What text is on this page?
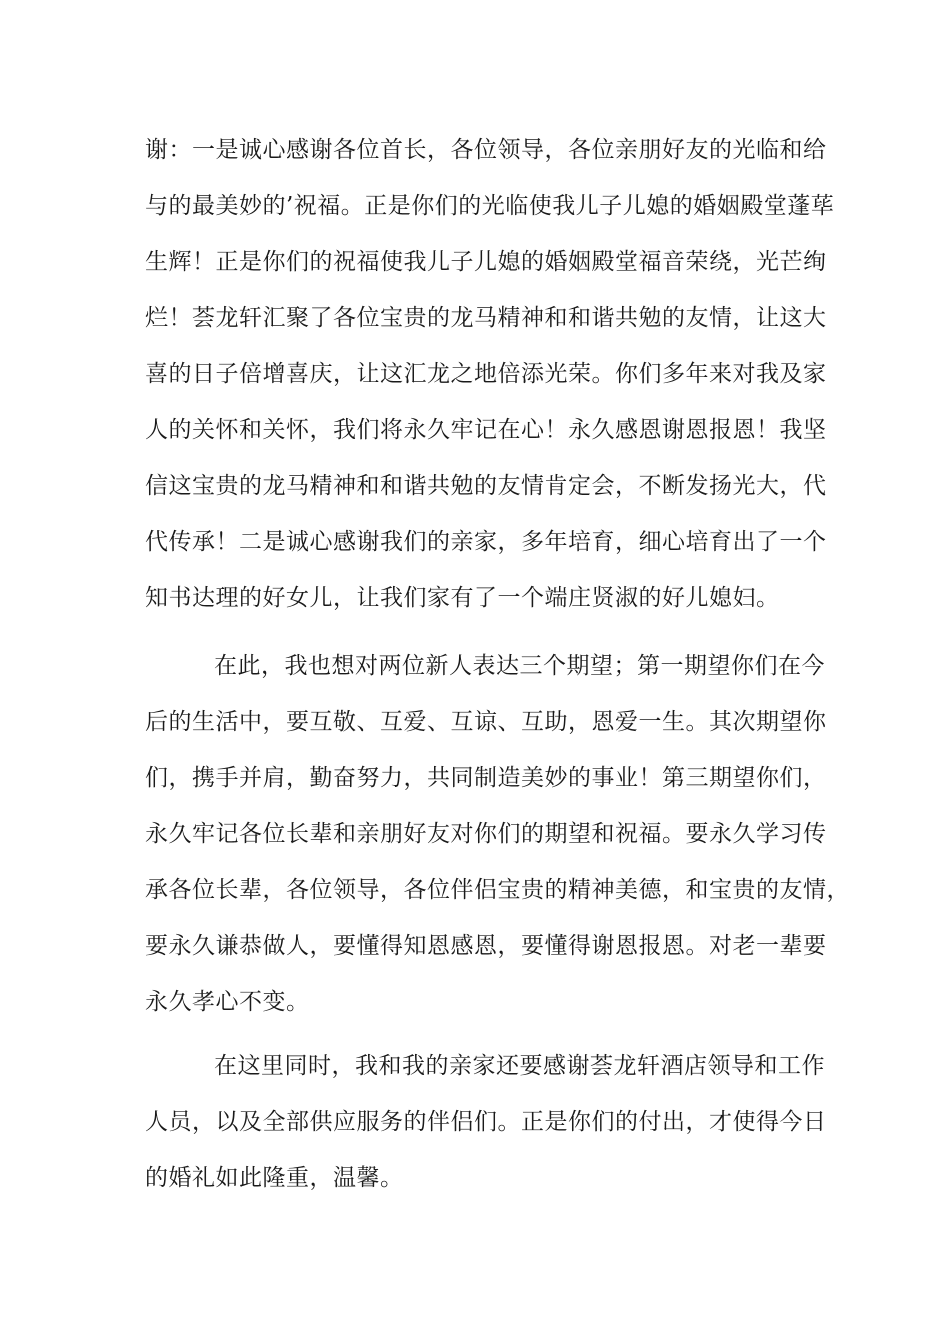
谢：一是诚心感谢各位首长，各位领导，各位亲朋好友的光临和给
与的最美妙的’祝福。正是你们的光临使我儿子儿媳的婚姻殿堂蓬荜
生辉！正是你们的祝福使我儿子儿媳的婚姻殿堂福音荣绕，光芒绚
烂！荟龙轩汇聚了各位宝贵的龙马精神和和谐共勉的友情，让这大
喜的日子倍增喜庆，让这汇龙之地倍添光荣。你们多年来对我及家
人的关怀和关怀，我们将永久牢记在心！永久感恩谢恩报恩！我坚
信这宝贵的龙马精神和和谐共勉的友情肯定会，不断发扬光大，代
代传承！二是诚心感谢我们的亲家，多年培育，细心培育出了一个
知书达理的好女儿，让我们家有了一个端庄贤淑的好儿媳妇。
在此，我也想对两位新人表达三个期望；第一期望你们在今
后的生活中，要互敬、互爱、互谅、互助，恩爱一生。其次期望你
们，携手并肩，勤奋努力，共同制造美妙的事业！第三期望你们，
永久牢记各位长辈和亲朋好友对你们的期望和祝福。要永久学习传
承各位长辈，各位领导，各位伴侣宝贵的精神美德，和宝贵的友情，
要永久谦恭做人，要懂得知恩感恩，要懂得谢恩报恩。对老一辈要
永久孝心不变。
在这里同时，我和我的亲家还要感谢荟龙轩酒店领导和工作
人员，以及全部供应服务的伴侣们。正是你们的付出，才使得今日
的婚礼如此隆重，温馨。
